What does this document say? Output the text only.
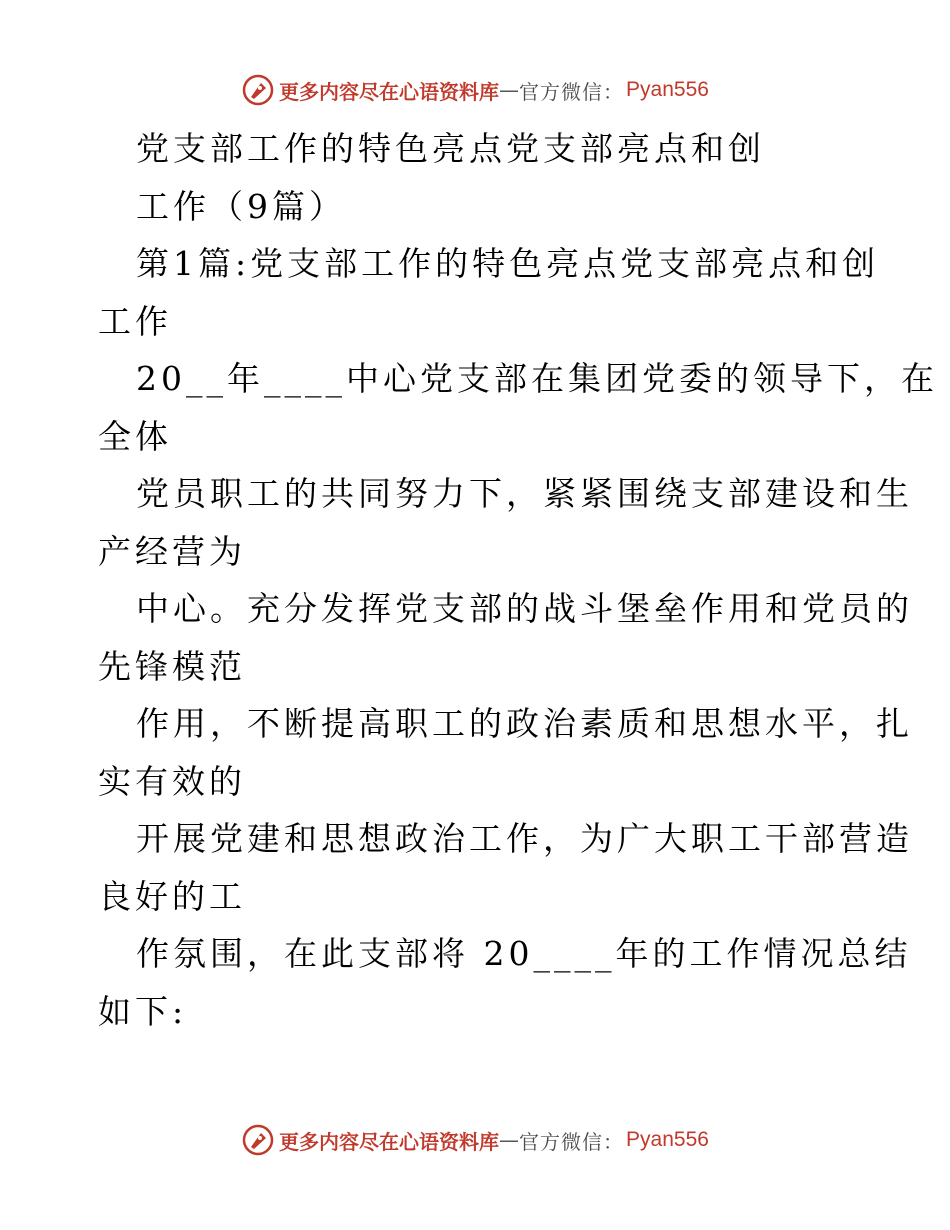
更多内容尽在心语资料库 — 官方微信： Pyan556
党支部工作的特色亮点党支部亮点和创
工作（9篇）
第1篇:党支部工作的特色亮点党支部亮点和创
工作
20__年____中心党支部在集团党委的领导下，在
全体
党员职工的共同努力下，紧紧围绕支部建设和生
产经营为
中心。充分发挥党支部的战斗堡垒作用和党员的
先锋模范
作用，不断提高职工的政治素质和思想水平，扎
实有效的
开展党建和思想政治工作，为广大职工干部营造
良好的工
作氛围，在此支部将 20____年的工作情况总结
如下:
更多内容尽在心语资料库 — 官方微信： Pyan556
